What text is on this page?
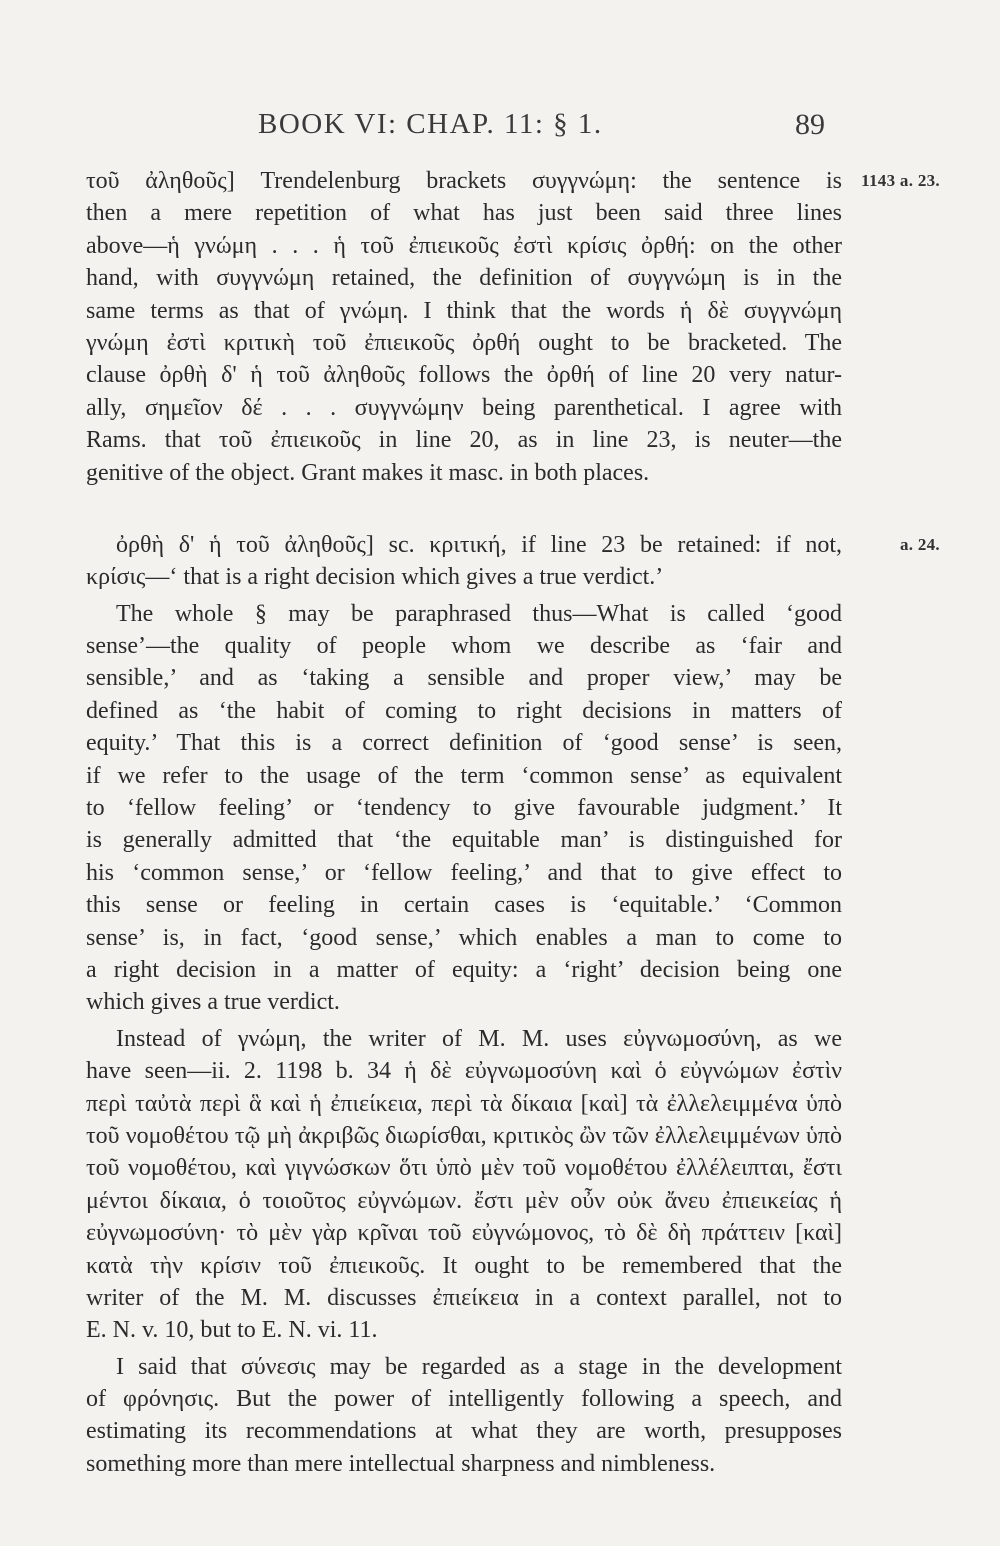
BOOK VI: CHAP. 11: § 1.	89
τοῦ ἀληθοῦς] Trendelenburg brackets συγγνώμη: the sentence is 1143 a. 23.
then a mere repetition of what has just been said three lines
above—ἡ γνώμη . . . ἡ τοῦ ἐπιεικοῦς ἐστὶ κρίσις ὀρθή: on the other
hand, with συγγνώμη retained, the definition of συγγνώμη is in the
same terms as that of γνώμη. I think that the words ἡ δὲ συγγνώμη
γνώμη ἐστὶ κριτικὴ τοῦ ἐπιεικοῦς ὀρθή ought to be bracketed. The
clause ὀρθὴ δ' ἡ τοῦ ἀληθοῦς follows the ὀρθή of line 20 very natur-
ally, σημεῖον δέ . . . συγγνώμην being parenthetical. I agree with
Rams. that τοῦ ἐπιεικοῦς in line 20, as in line 23, is neuter—the
genitive of the object. Grant makes it masc. in both places.
ὀρθὴ δ' ἡ τοῦ ἀληθοῦς] sc. κριτική, if line 23 be retained: if not,	a. 24.
κρίσις—‘ that is a right decision which gives a true verdict.’
The whole § may be paraphrased thus—What is called ‘good
sense’—the quality of people whom we describe as ‘fair and
sensible,’ and as ‘taking a sensible and proper view,’ may be
defined as ‘the habit of coming to right decisions in matters of
equity.’ That this is a correct definition of ‘good sense’ is seen,
if we refer to the usage of the term ‘common sense’ as equivalent
to ‘fellow feeling’ or ‘tendency to give favourable judgment.’ It
is generally admitted that ‘the equitable man’ is distinguished for
his ‘common sense,’ or ‘fellow feeling,’ and that to give effect to
this sense or feeling in certain cases is ‘equitable.’ ‘Common
sense’ is, in fact, ‘good sense,’ which enables a man to come to
a right decision in a matter of equity: a ‘right’ decision being one
which gives a true verdict.
Instead of γνώμη, the writer of M. M. uses εὐγνωμοσύνη, as we
have seen—ii. 2. 1198 b. 34 ἡ δὲ εὐγνωμοσύνη καὶ ὁ εὐγνώμων ἐστὶν
περὶ ταὐτὰ περὶ ἃ καὶ ἡ ἐπιείκεια, περὶ τὰ δίκαια [καὶ] τὰ ἐλλελειμμένα ὑπὸ
τοῦ νομοθέτου τῷ μὴ ἀκριβῶς διωρίσθαι, κριτικὸς ὢν τῶν ἐλλελειμμένων ὑπὸ
τοῦ νομοθέτου, καὶ γιγνώσκων ὅτι ὑπὸ μὲν τοῦ νομοθέτου ἐλλέλειπται, ἔστι
μέντοι δίκαια, ὁ τοιοῦτος εὐγνώμων. ἔστι μὲν οὖν οὐκ ἄνευ ἐπιεικείας ἡ
εὐγνωμοσύνη· τὸ μὲν γὰρ κρῖναι τοῦ εὐγνώμονος, τὸ δὲ δὴ πράττειν [καὶ]
κατὰ τὴν κρίσιν τοῦ ἐπιεικοῦς. It ought to be remembered that the
writer of the M. M. discusses ἐπιείκεια in a context parallel, not to
E. N. v. 10, but to E. N. vi. 11.
I said that σύνεσις may be regarded as a stage in the development
of φρόνησις. But the power of intelligently following a speech, and
estimating its recommendations at what they are worth, presupposes
something more than mere intellectual sharpness and nimbleness.
